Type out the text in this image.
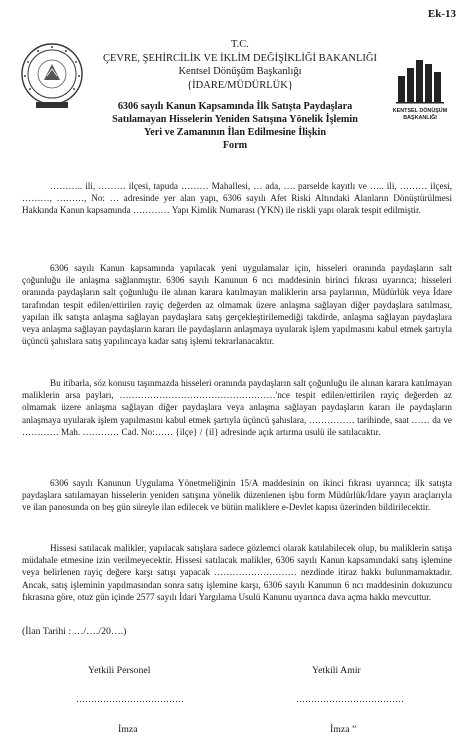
Ek-13
T.C.
ÇEVRE, ŞEHİRCİLİK VE İKLİM DEĞİŞİKLİĞİ BAKANLIĞI
Kentsel Dönüşüm Başkanlığı
{İDARE/MÜDÜRLÜK}
KENTSEL DÖNÜŞÜM
BAŞKANLIĞI
6306 sayılı Kanun Kapsamında İlk Satışta Paydaşlara
Satılamayan Hisselerin Yeniden Satışına Yönelik İşlemin
Yeri ve Zamanının İlan Edilmesine İlişkin
Form

……….. ili, ……… ilçesi, tapuda ……… Mahallesi, … ada, …. parselde kayıtlı ve ….. ili, ……… ilçesi, ………, ………, No: … adresinde yer alan yapı, 6306 sayılı Afet Riski Altındaki Alanların Dönüştürülmesi Hakkında Kanun kapsamında ………… Yapı Kimlik Numarası (YKN) ile riskli yapı olarak tespit edilmiştir.

6306 sayılı Kanun kapsamında yapılacak yeni uygulamalar için, hisseleri oranında paydaşların salt çoğunluğu ile anlaşma sağlanmıştır. 6306 sayılı Kanunun 6 ncı maddesinin birinci fıkrası uyarınca; hisseleri oranında paydaşların salt çoğunluğu ile alınan karara katılmayan maliklerin arsa paylarının, Müdürlük veya İdare tarafından tespit edilen/ettirilen rayiç değerden az olmamak üzere anlaşma sağlayan diğer paydaşlara satılması, yapılan ilk satışta anlaşma sağlayan paydaşlara satış gerçekleştirilemediği takdirde, anlaşma sağlayan paydaşlara veya anlaşma sağlayan paydaşların kararı ile paydaşların anlaşmaya uyularak işlem yapılmasını kabul etmek şartıyla üçüncü şahıslara satış yapılıncaya kadar satış işlemi tekrarlanacaktır.

Bu itibarla, söz konusu taşınmazda hisseleri oranında paydaşların salt çoğunluğu ile alınan karara katılmayan maliklerin arsa payları, ……………………………………………'nce tespit edilen/ettirilen rayiç değerden az olmamak üzere anlaşma sağlayan diğer paydaşlara veya anlaşma sağlayan paydaşların kararı ile paydaşların anlaşmaya uyularak işlem yapılmasını kabul etmek şartıyla üçüncü şahıslara, …………… tarihinde, saat …… da ve ………… Mah. ………… Cad. No:…… {ilçe} / {il} adresinde açık artırma usulü ile satılacaktır.

6306 sayılı Kanunun Uygulama Yönetmeliğinin 15/A maddesinin on ikinci fıkrası uyarınca; ilk satışta paydaşlara satılamayan hisselerin yeniden satışına yönelik düzenlenen işbu form Müdürlük/İdare yayın araçlarıyla ve ilan panosunda on beş gün süreyle ilan edilecek ve bütün maliklere e-Devlet kapısı üzerinden bildirilecektir.

Hissesi satılacak malikler, yapılacak satışlara sadece gözlemci olarak katılabilecek olup, bu maliklerin satışa müdahale etmesine izin verilmeyecektir. Hissesi satılacak malikler, 6306 sayılı Kanun kapsamındaki satış işlemine veya belirlenen rayiç değere karşı satışı yapacak ……………………… nezdinde itiraz hakkı bulunmamaktadır. Ancak, satış işleminin yapılmasından sonra satış işlemine karşı, 6306 sayılı Kanunun 6 ncı maddesinin dokuzuncu fıkrasına göre, otuz gün içinde 2577 sayılı İdari Yargılama Usulü Kanunu uyarınca dava açma hakkı mevcuttur.

(İlan Tarihi : …/…./20….)
Yetkili Personel	Yetkili Amir
………………………………	………………………………
İmza	İmza ”
